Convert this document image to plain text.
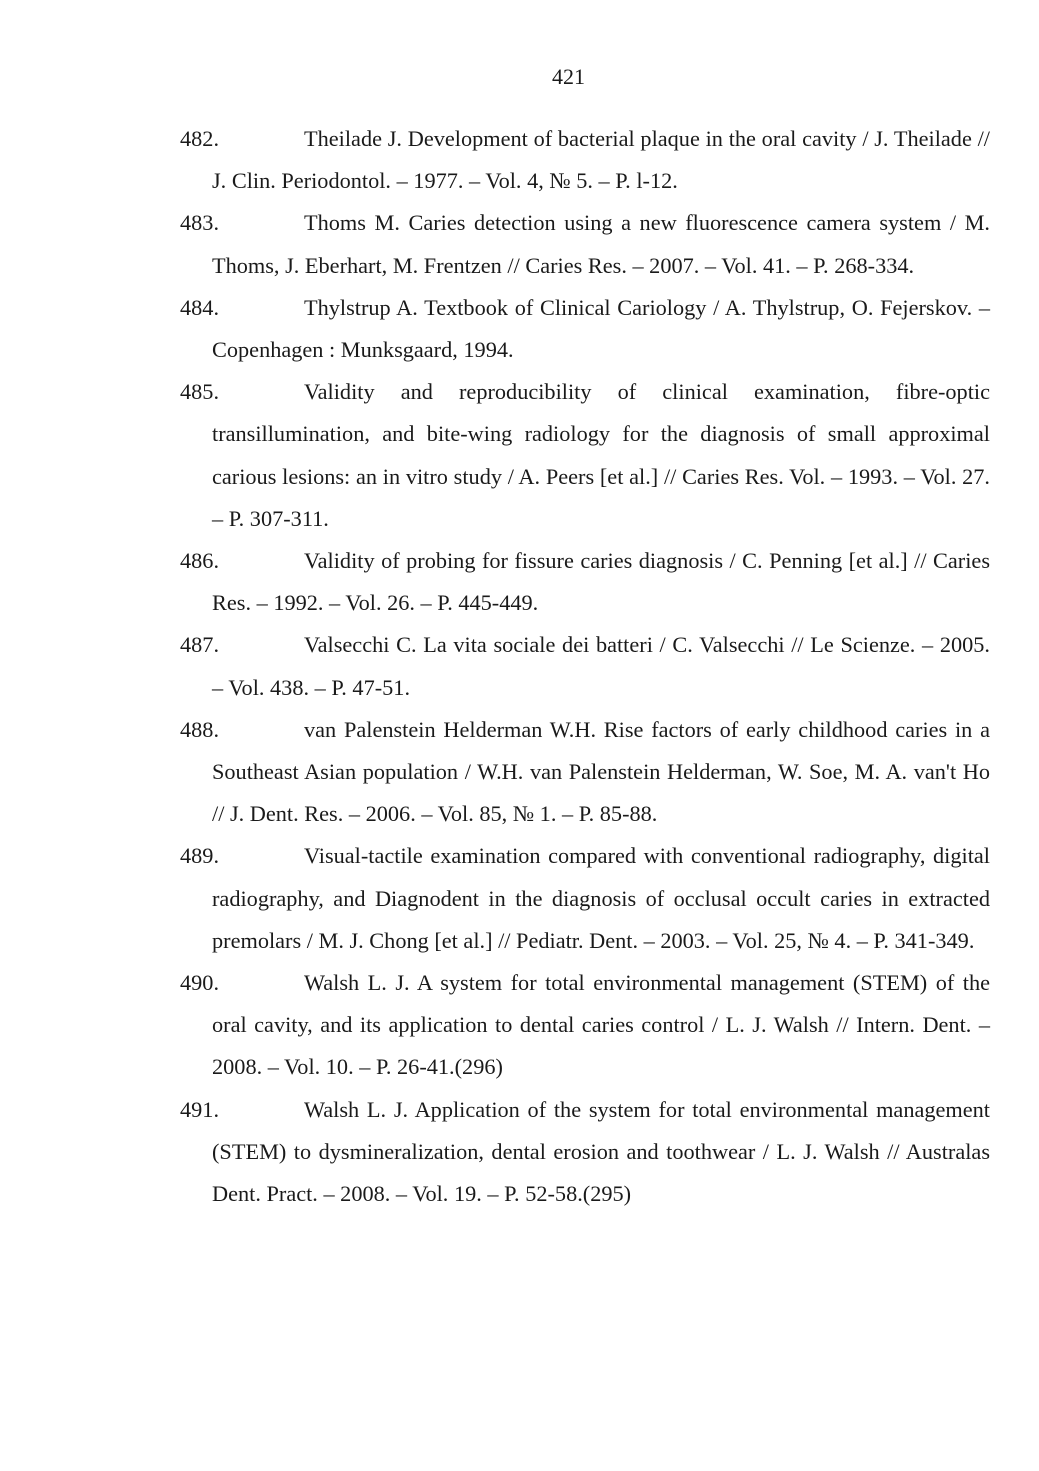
421
482.	Theilade J. Development of bacterial plaque in the oral cavity / J. Theilade // J. Clin. Periodontol. – 1977. – Vol. 4, № 5. – P. l-12.
483.	Thoms M. Caries detection using a new fluorescence camera system / M. Thoms, J. Eberhart, M. Frentzen // Caries Res. – 2007. – Vol. 41. – P. 268-334.
484.	Thylstrup A. Textbook of Clinical Cariology / A. Thylstrup, O. Fejerskov. – Copenhagen : Munksgaard, 1994.
485.	Validity and reproducibility of clinical examination, fibre-optic transillumination, and bite-wing radiology for the diagnosis of small approximal carious lesions: an in vitro study / A. Peers [et al.] // Caries Res. Vol. – 1993. – Vol. 27. – P. 307-311.
486.	Validity of probing for fissure caries diagnosis / C. Penning [et al.] // Caries Res. – 1992. – Vol. 26. – P. 445-449.
487.	Valsecchi C. La vita sociale dei batteri / C. Valsecchi // Le Scienze. – 2005. – Vol. 438. – P. 47-51.
488.	van Palenstein Helderman W.H. Rise factors of early childhood caries in a Southeast Asian population / W.H. van Palenstein Helderman, W. Soe, M. A. van't Ho // J. Dent. Res. – 2006. – Vol. 85, № 1. – P. 85-88.
489.	Visual-tactile examination compared with conventional radiography, digital radiography, and Diagnodent in the diagnosis of occlusal occult caries in extracted premolars / M. J. Chong [et al.] // Pediatr. Dent. – 2003. – Vol. 25, № 4. – P. 341-349.
490.	Walsh L. J. A system for total environmental management (STEM) of the oral cavity, and its application to dental caries control / L. J. Walsh // Intern. Dent. – 2008. – Vol. 10. – P. 26-41.(296)
491.	Walsh L. J. Application of the system for total environmental management (STEM) to dysmineralization, dental erosion and toothwear / L. J. Walsh // Australas Dent. Pract. – 2008. – Vol. 19. – P. 52-58.(295)
